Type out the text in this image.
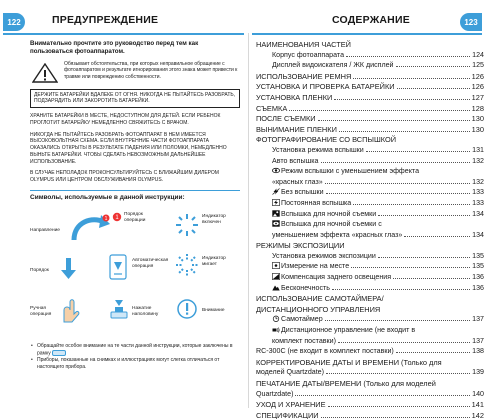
122	ПРЕДУПРЕЖДЕНИЕ	СОДЕРЖАНИЕ	123
Внимательно прочтите это руководство перед тем как пользоваться фотоаппаратом.
Обязывает обстоятельства, при которых неправильное обращение с фотоаппаратом и результате игнорирования этого знака может привести к травме или повреждению собственности.
ДЕРЖИТЕ БАТАРЕЙКИ ВДАЛЕКЕ ОТ ОГНЯ. НИКОГДА НЕ ПЫТАЙТЕСЬ РАЗОБРАТЬ, ПОДЗАРЯДИТЬ ИЛИ ЗАКОРОТИТЬ БАТАРЕЙКИ.
ХРАНИТЕ БАТАРЕЙКИ В МЕСТЕ, НЕДОСТУПНОМ ДЛЯ ДЕТЕЙ. ЕСЛИ РЕБЕНОК ПРОГЛОТИТ БАТАРЕЙКУ НЕМЕДЛЕННО СВЯЖИТЕСЬ С ВРАЧОМ.
НИКОГДА НЕ ПЫТАЙТЕСЬ РАЗОБРАТЬ ФОТОАППАРАТ В НЕМ ИМЕЕТСЯ ВЫСОКОВОЛЬТНАЯ СХЕМА. ЕСЛИ ВНУТРЕННИЕ ЧАСТИ ФОТОАППАРАТА ОКАЗАЛИСЬ ОТКРЫТЫ В РЕЗУЛЬТАТЕ ПАДЕНИЯ ИЛИ ПОЛОМКИ, НЕМЕДЛЕННО ВЫНЬТЕ БАТАРЕЙКИ. ЧТОБЫ СДЕЛАТЬ НЕВОЗМОЖНЫМ ДАЛЬНЕЙШЕЕ ИСПОЛЬЗОВАНИЕ.
В СЛУЧАЕ НЕПОЛАДОК ПРОКОНСУЛЬТИРУЙТЕСЬ С БЛИЖАЙШИМ ДИЛЕРОМ OLYMPUS ИЛИ ЦЕНТРОМ ОБСЛУЖИВАНИЯ OLYMPUS.
Символы, используемые в данной инструкции:
Направление
1
Порядок операции
1	Индикатор включен
Порядок
Автоматическая операция
Индикатор мигает
Ручная операция
Нажатие наполовину
Внимание
• Обращайте особое внимание на те части данной инструкции, которые заключены в рамку
• Приборы, показанные на снимках и иллюстрациях могут слегка отличаться от настоящего прибора.
НАИМЕНОВАНИЯ ЧАСТЕЙ
Корпус фотоаппарата	124
Дисплей видоискателя / ЖК дисплей	125
ИСПОЛЬЗОВАНИЕ РЕМНЯ	126
УСТАНОВКА И ПРОВЕРКА БАТАРЕЙКИ	126
УСТАНОВКА ПЛЕНКИ	127
СЪЕМКА	128
ПОСЛЕ СЪЕМКИ	130
ВЫНИМАНИЕ ПЛЕНКИ	130
ФОТОГРАФИРОВАНИЕ СО ВСПЫШКОЙ
Установка режима вспышки	131
Авто вспышка	132
Режим вспышки с уменьшением эффекта
«красных глаз»	132
Без вспышки	133
Постоянная вспышка	133
Вспышка для ночной съемки	134
Вспышка для ночной съемки с
уменьшением эффекта «красных глаз»	134
РЕЖИМЫ ЭКСПОЗИЦИИ
Установка режимов экспозиции	135
Измерение на месте	135
Компенсация заднего освещения	136
Бесконечность	136
ИСПОЛЬЗОВАНИЕ САМОТАЙМЕРА/
ДИСТАНЦИОННОГО УПРАВЛЕНИЯ
Самотаймер	137
Дистанционное управление (не входит в
комплект поставки)	137
RC-300C (не входит в комплект поставки)	138
КОРРЕКТИРОВАНИЕ ДАТЫ И ВРЕМЕНИ (Только для
моделей Quartzdate)	139
ПЕЧАТАНИЕ ДАТЫ/ВРЕМЕНИ (Только для моделей
Quartzdate)	140
УХОД И ХРАНЕНИЕ	141
СПЕЦИФИКАЦИИ	142
